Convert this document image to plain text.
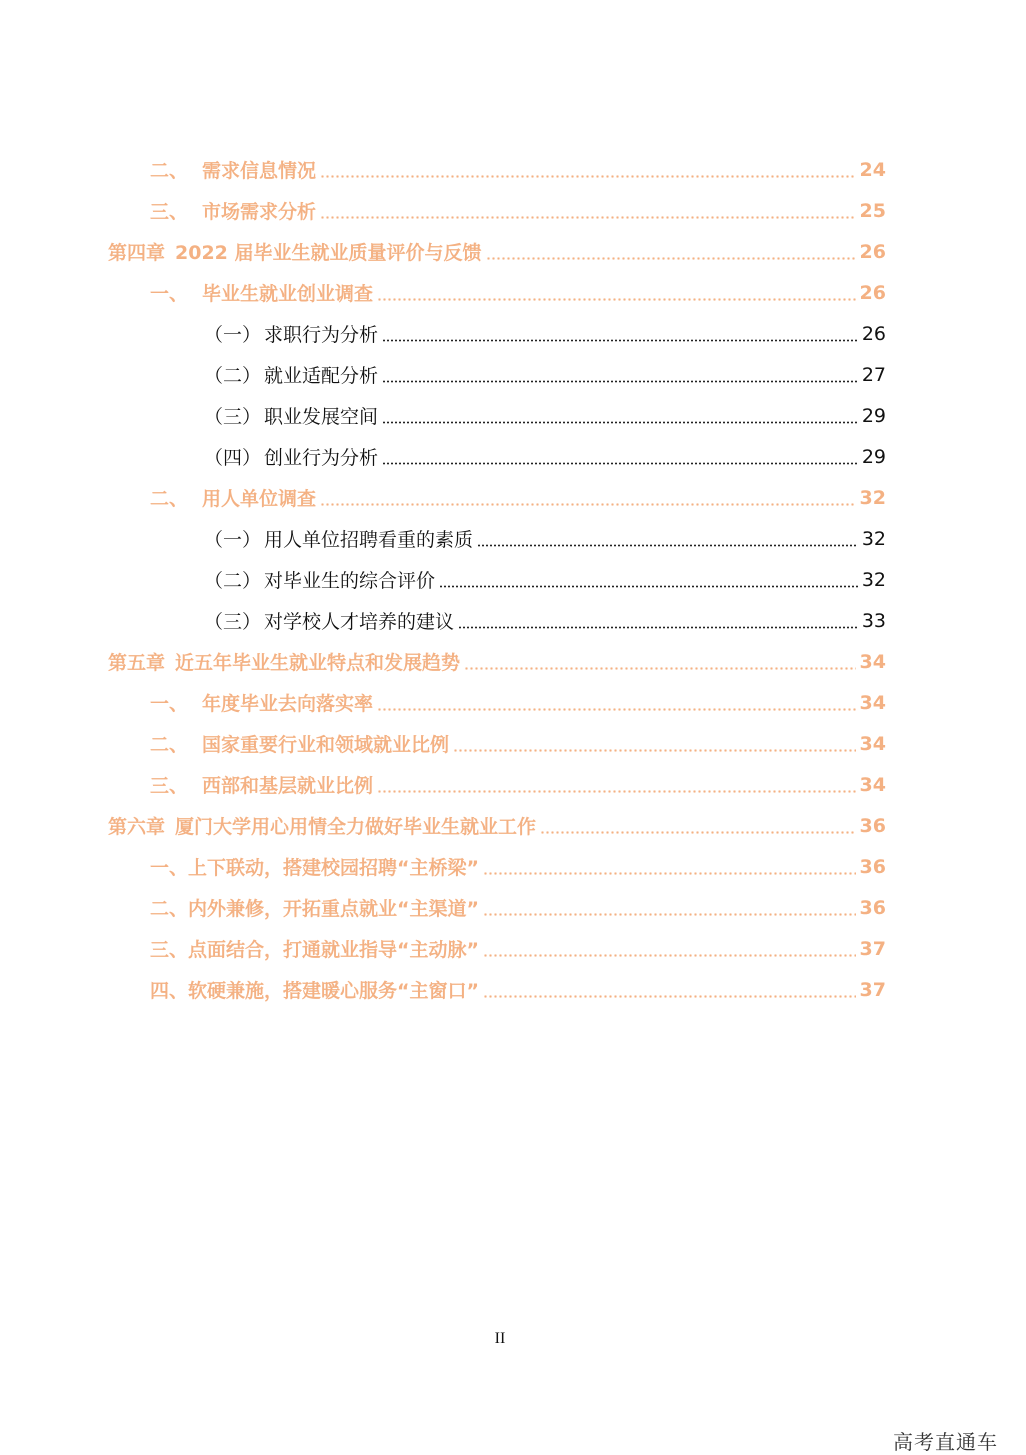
二、 需求信息情况	24
三、 市场需求分析	25
第四章 2022 届毕业生就业质量评价与反馈	26
一、 毕业生就业创业调查	26
（一） 求职行为分析	26
（二） 就业适配分析	27
（三） 职业发展空间	29
（四） 创业行为分析	29
二、 用人单位调查	32
（一） 用人单位招聘看重的素质	32
（二） 对毕业生的综合评价	32
（三） 对学校人才培养的建议	33
第五章 近五年毕业生就业特点和发展趋势	34
一、 年度毕业去向落实率	34
二、 国家重要行业和领域就业比例	34
三、 西部和基层就业比例	34
第六章 厦门大学用心用情全力做好毕业生就业工作	36
一、 上下联动，搭建校园招聘“主桥梁”	36
二、 内外兼修，开拓重点就业“主渠道”	36
三、 点面结合，打通就业指导“主动脉”	37
四、 软硬兼施，搭建暖心服务“主窗口”	37
II
高考直通车
